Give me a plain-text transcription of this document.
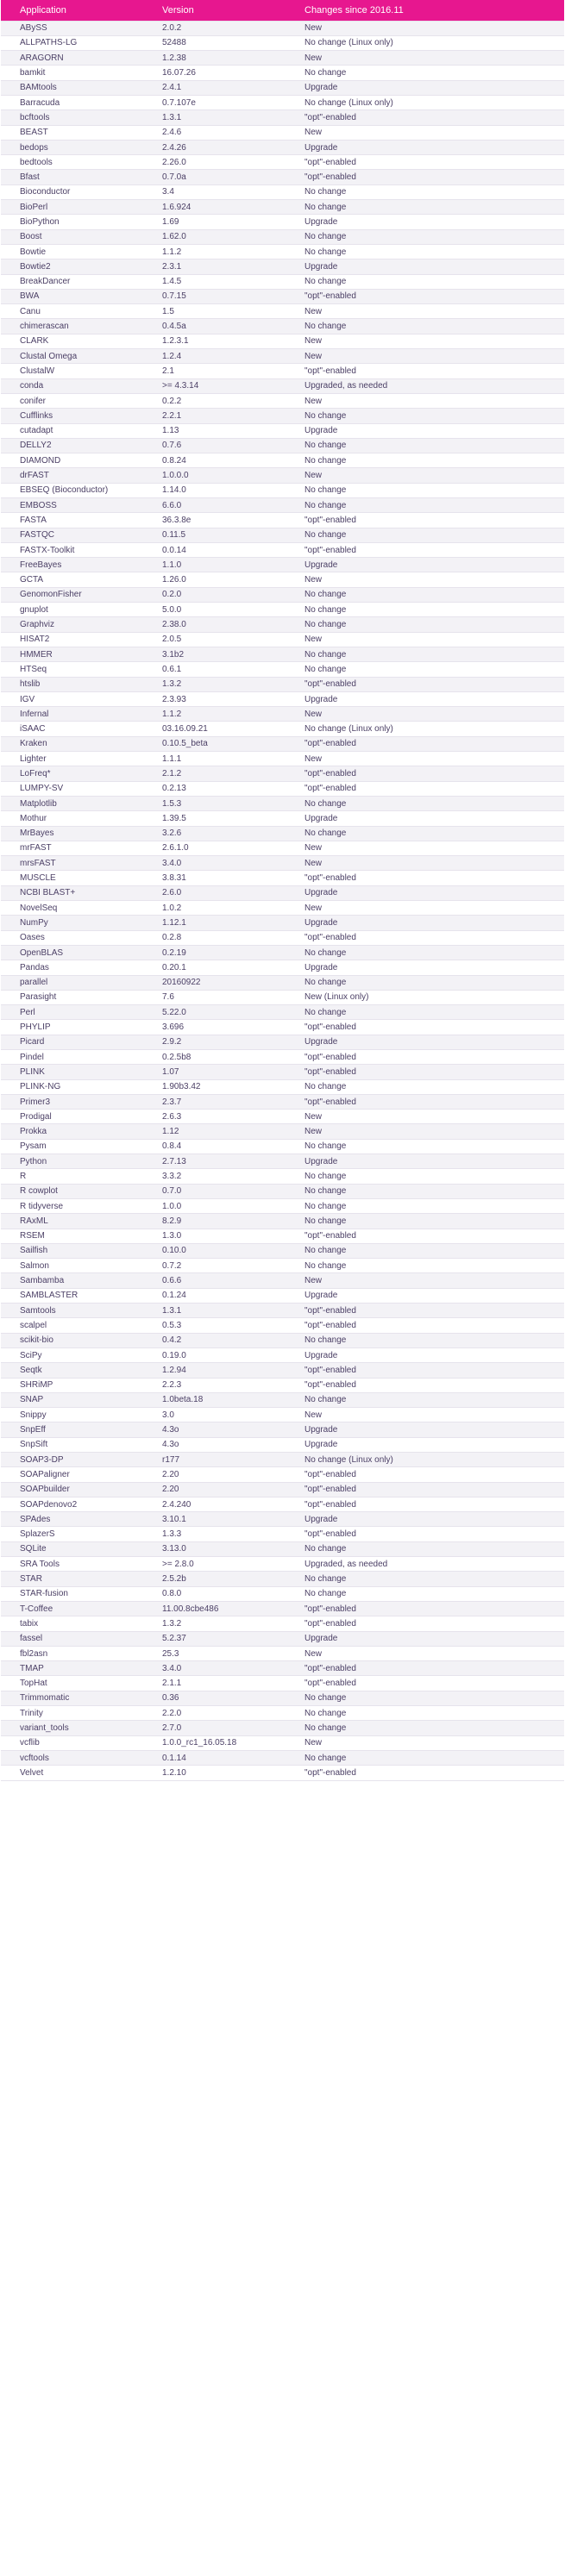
Application	Version	Changes since 2016.11
ABySS	2.0.2	New
ALLPATHS-LG	52488	No change (Linux only)
ARAGORN	1.2.38	New
bamkit	16.07.26	No change
BAMtools	2.4.1	Upgrade
Barracuda	0.7.107e	No change (Linux only)
bcftools	1.3.1	"opt"-enabled
BEAST	2.4.6	New
bedops	2.4.26	Upgrade
bedtools	2.26.0	"opt"-enabled
Bfast	0.7.0a	"opt"-enabled
Bioconductor	3.4	No change
BioPerl	1.6.924	No change
BioPython	1.69	Upgrade
Boost	1.62.0	No change
Bowtie	1.1.2	No change
Bowtie2	2.3.1	Upgrade
BreakDancer	1.4.5	No change
BWA	0.7.15	"opt"-enabled
Canu	1.5	New
chimerascan	0.4.5a	No change
CLARK	1.2.3.1	New
Clustal Omega	1.2.4	New
ClustalW	2.1	"opt"-enabled
conda	>= 4.3.14	Upgraded, as needed
conifer	0.2.2	New
Cufflinks	2.2.1	No change
cutadapt	1.13	Upgrade
DELLY2	0.7.6	No change
DIAMOND	0.8.24	No change
drFAST	1.0.0.0	New
EBSEQ (Bioconductor)	1.14.0	No change
EMBOSS	6.6.0	No change
FASTA	36.3.8e	"opt"-enabled
FASTQC	0.11.5	No change
FASTX-Toolkit	0.0.14	"opt"-enabled
FreeBayes	1.1.0	Upgrade
GCTA	1.26.0	New
GenomonFisher	0.2.0	No change
gnuplot	5.0.0	No change
Graphviz	2.38.0	No change
HISAT2	2.0.5	New
HMMER	3.1b2	No change
HTSeq	0.6.1	No change
htslib	1.3.2	"opt"-enabled
IGV	2.3.93	Upgrade
Infernal	1.1.2	New
iSAAC	03.16.09.21	No change (Linux only)
Kraken	0.10.5_beta	"opt"-enabled
Lighter	1.1.1	New
LoFreq*	2.1.2	"opt"-enabled
LUMPY-SV	0.2.13	"opt"-enabled
Matplotlib	1.5.3	No change
Mothur	1.39.5	Upgrade
MrBayes	3.2.6	No change
mrFAST	2.6.1.0	New
mrsFAST	3.4.0	New
MUSCLE	3.8.31	"opt"-enabled
NCBI BLAST+	2.6.0	Upgrade
NovelSeq	1.0.2	New
NumPy	1.12.1	Upgrade
Oases	0.2.8	"opt"-enabled
OpenBLAS	0.2.19	No change
Pandas	0.20.1	Upgrade
parallel	20160922	No change
Parasight	7.6	New (Linux only)
Perl	5.22.0	No change
PHYLIP	3.696	"opt"-enabled
Picard	2.9.2	Upgrade
Pindel	0.2.5b8	"opt"-enabled
PLINK	1.07	"opt"-enabled
PLINK-NG	1.90b3.42	No change
Primer3	2.3.7	"opt"-enabled
Prodigal	2.6.3	New
Prokka	1.12	New
Pysam	0.8.4	No change
Python	2.7.13	Upgrade
R	3.3.2	No change
R cowplot	0.7.0	No change
R tidyverse	1.0.0	No change
RAxML	8.2.9	No change
RSEM	1.3.0	"opt"-enabled
Sailfish	0.10.0	No change
Salmon	0.7.2	No change
Sambamba	0.6.6	New
SAMBLASTER	0.1.24	Upgrade
Samtools	1.3.1	"opt"-enabled
scalpel	0.5.3	"opt"-enabled
scikit-bio	0.4.2	No change
SciPy	0.19.0	Upgrade
Seqtk	1.2.94	"opt"-enabled
SHRiMP	2.2.3	"opt"-enabled
SNAP	1.0beta.18	No change
Snippy	3.0	New
SnpEff	4.3o	Upgrade
SnpSift	4.3o	Upgrade
SOAP3-DP	r177	No change (Linux only)
SOAPaligner	2.20	"opt"-enabled
SOAPbuilder	2.20	"opt"-enabled
SOAPdenovo2	2.4.240	"opt"-enabled
SPAdes	3.10.1	Upgrade
SplazerS	1.3.3	"opt"-enabled
SQLite	3.13.0	No change
SRA Tools	>= 2.8.0	Upgraded, as needed
STAR	2.5.2b	No change
STAR-fusion	0.8.0	No change
T-Coffee	11.00.8cbe486	"opt"-enabled
tabix	1.3.2	"opt"-enabled
fassel	5.2.37	Upgrade
fbl2asn	25.3	New
TMAP	3.4.0	"opt"-enabled
TopHat	2.1.1	"opt"-enabled
Trimmomatic	0.36	No change
Trinity	2.2.0	No change
variant_tools	2.7.0	No change
vcflib	1.0.0_rc1_16.05.18	New
vcftools	0.1.14	No change
Velvet	1.2.10	"opt"-enabled
